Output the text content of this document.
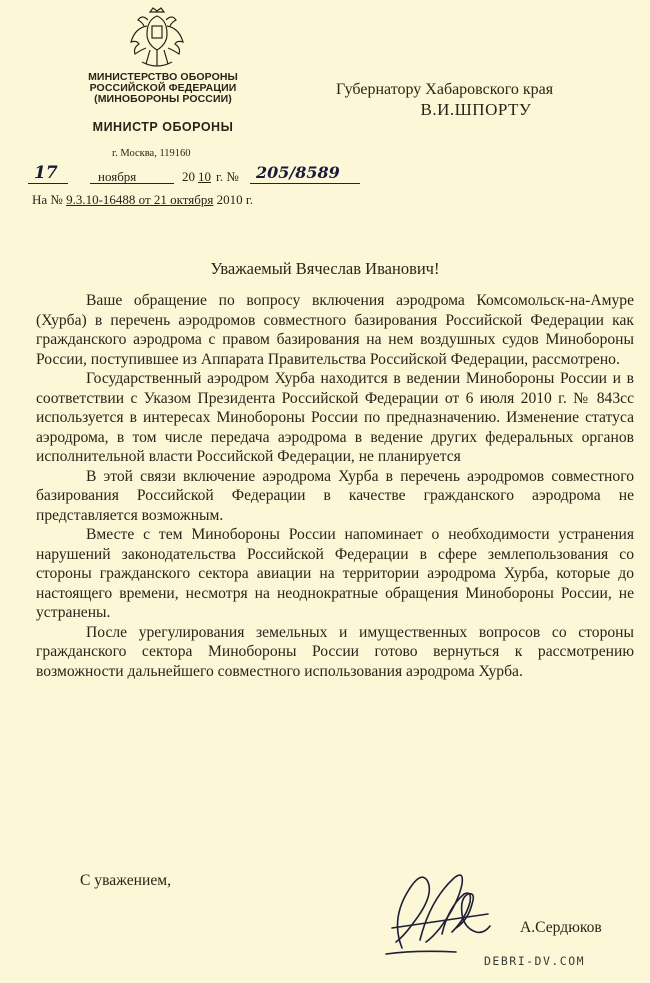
МИНИСТЕРСТВО ОБОРОНЫ
РОССИЙСКОЙ ФЕДЕРАЦИИ
(МИНОБОРОНЫ РОССИИ)
МИНИСТР ОБОРОНЫ
г. Москва, 119160
17	ноября	20 10 г. № 205/8589
На № 9.3.10-16488 от 21 октября 2010 г.
Губернатору Хабаровского края
В.И.ШПОРТУ
Уважаемый Вячеслав Иванович!

Ваше обращение по вопросу включения аэродрома Комсомольск-на-Амуре (Хурба) в перечень аэродромов совместного базирования Российской Федерации как гражданского аэродрома с правом базирования на нем воздушных судов Минобороны России, поступившее из Аппарата Правительства Российской Федерации, рассмотрено.

Государственный аэродром Хурба находится в ведении Минобороны России и в соответствии с Указом Президента Российской Федерации от 6 июля 2010 г. № 843сс используется в интересах Минобороны России по предназначению. Изменение статуса аэродрома, в том числе передача аэродрома в ведение других федеральных органов исполнительной власти Российской Федерации, не планируется

В этой связи включение аэродрома Хурба в перечень аэродромов совместного базирования Российской Федерации в качестве гражданского аэродрома не представляется возможным.

Вместе с тем Минобороны России напоминает о необходимости устранения нарушений законодательства Российской Федерации в сфере землепользования со стороны гражданского сектора авиации на территории аэродрома Хурба, которые до настоящего времени, несмотря на неоднократные обращения Минобороны России, не устранены.

После урегулирования земельных и имущественных вопросов со стороны гражданского сектора Минобороны России готово вернуться к рассмотрению возможности дальнейшего совместного использования аэродрома Хурба.

С уважением,
А.Сердюков
DEBRI-DV.COM
